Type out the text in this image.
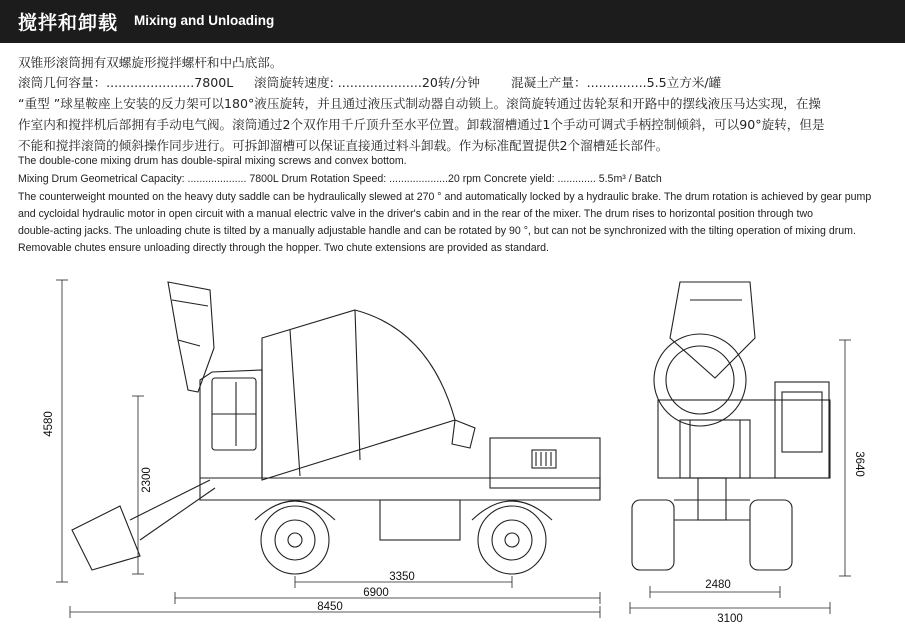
搅拌和卸载 Mixing and Unloading
双锥形滚筒拥有双螺旋形搅拌螺杆和中凸底部。
滚筒几何容量：......................7800L 滚筒旋转速度: .....................20转/分钟 混凝土产量：...............5.5立方米/罐
“重型 ”球星鞍座上安装的反力架可以180°液压旋转，并且通过液压式制动器自动锁上。滚筒旋转通过齿轮泵和开路中的摆线液压马达实现，在操
作室内和搅拌机后部拥有手动电气阀。滚筒通过2个双作用千斤顶升至水平位置。卸载溜槽通过1个手动可调式手柄控制倾斜，可以90°旋转，但是
不能和搅拌滚筒的倾斜操作同步进行。可拆卸溜槽可以保证直接通过料斗卸载。作为标准配置提供2个溜槽延长部件。
The double-cone mixing drum has double-spiral mixing screws and convex bottom.
Mixing Drum Geometrical Capacity: .................... 7800L Drum Rotation Speed: ....................20 rpm Concrete yield: ............. 5.5m³ / Batch
The counterweight mounted on the heavy duty saddle can be hydraulically slewed at 270 ° and automatically locked by a hydraulic brake. The drum rotation is achieved by gear pump
and cycloidal hydraulic motor in open circuit with a manual electric valve in the driver's cabin and in the rear of the mixer. The drum rises to horizontal position through two
double-acting jacks. The unloading chute is tilted by a manually adjustable handle and can be rotated by 90 °, but can not be synchronized with the tilting operation of mixing drum.
Removable chutes ensure unloading directly through the hopper. Two chute extensions are provided as standard.
4580
2300
3350
6900
8450
3640
2480
3100
